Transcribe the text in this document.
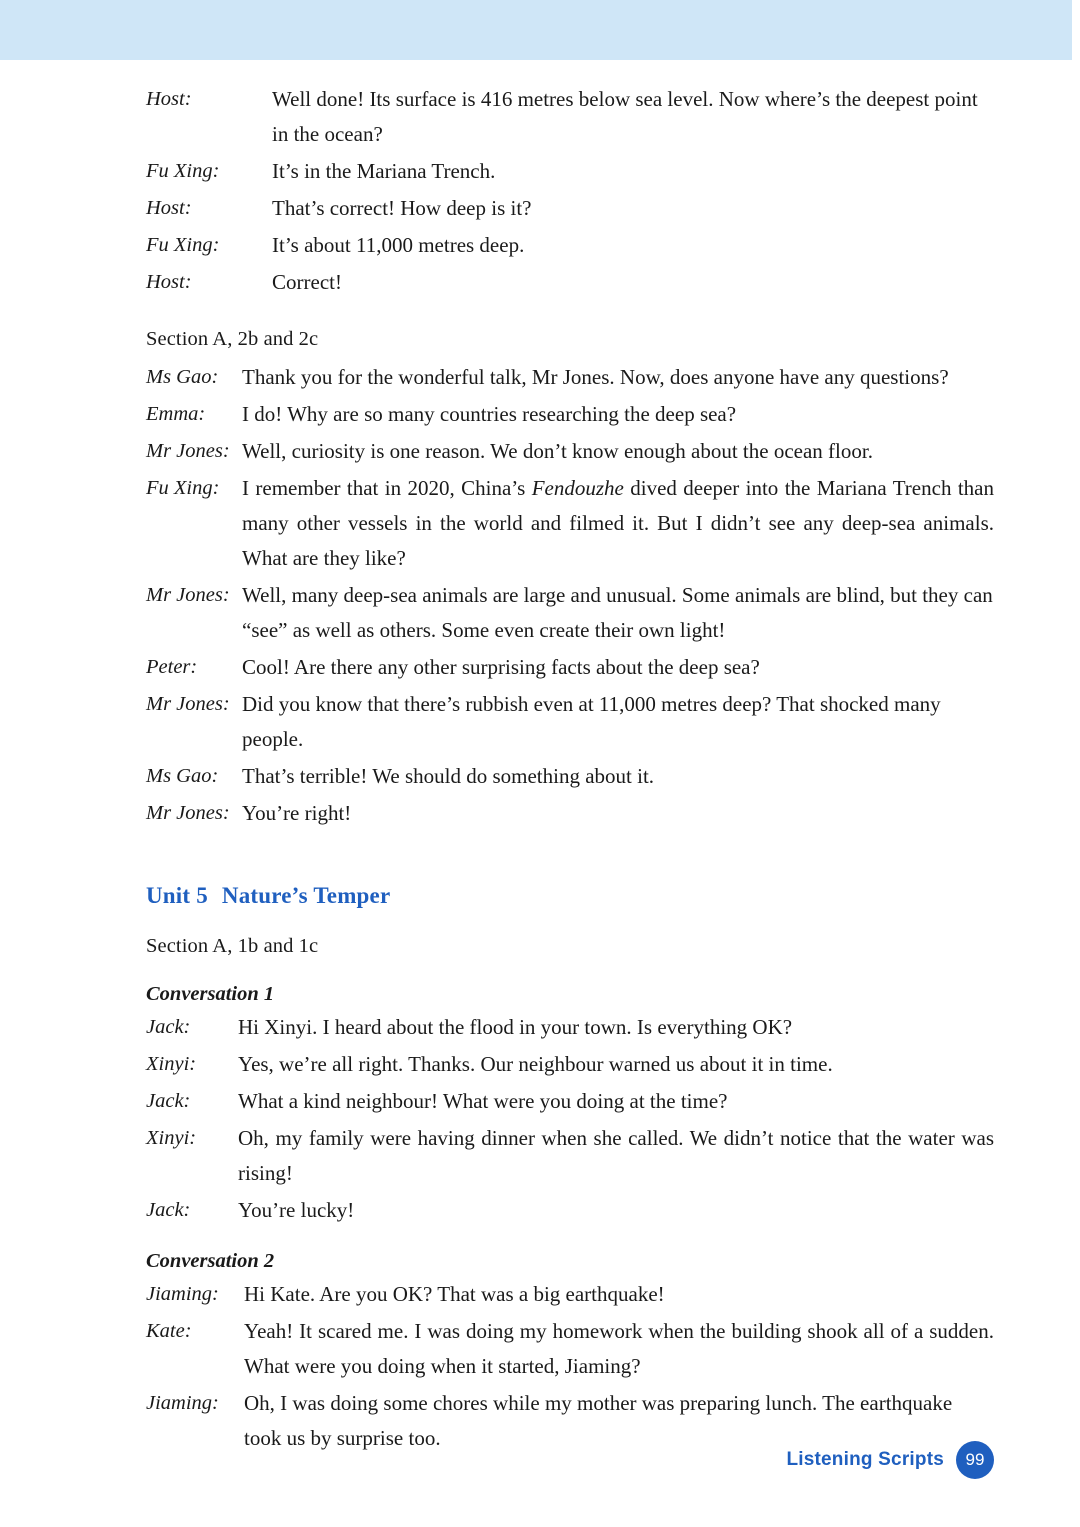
Host:	Well done! Its surface is 416 metres below sea level. Now where’s the deepest point in the ocean?
Fu Xing:	It’s in the Mariana Trench.
Host:	That’s correct! How deep is it?
Fu Xing:	It’s about 11,000 metres deep.
Host:	Correct!
Section A, 2b and 2c
Ms Gao:	Thank you for the wonderful talk, Mr Jones. Now, does anyone have any questions?
Emma:	I do! Why are so many countries researching the deep sea?
Mr Jones: Well, curiosity is one reason. We don’t know enough about the ocean floor.
Fu Xing:	I remember that in 2020, China’s Fendouzhe dived deeper into the Mariana Trench than many other vessels in the world and filmed it. But I didn’t see any deep-sea animals. What are they like?
Mr Jones: Well, many deep-sea animals are large and unusual. Some animals are blind, but they can “see” as well as others. Some even create their own light!
Peter:	Cool! Are there any other surprising facts about the deep sea?
Mr Jones: Did you know that there’s rubbish even at 11,000 metres deep? That shocked many people.
Ms Gao:	That’s terrible! We should do something about it.
Mr Jones: You’re right!
Unit 5 Nature’s Temper
Section A, 1b and 1c
Conversation 1
Jack:	Hi Xinyi. I heard about the flood in your town. Is everything OK?
Xinyi:	Yes, we’re all right. Thanks. Our neighbour warned us about it in time.
Jack:	What a kind neighbour! What were you doing at the time?
Xinyi:	Oh, my family were having dinner when she called. We didn’t notice that the water was rising!
Jack:	You’re lucky!
Conversation 2
Jiaming:	Hi Kate. Are you OK? That was a big earthquake!
Kate:	Yeah! It scared me. I was doing my homework when the building shook all of a sudden. What were you doing when it started, Jiaming?
Jiaming:	Oh, I was doing some chores while my mother was preparing lunch. The earthquake took us by surprise too.
Listening Scripts	99
